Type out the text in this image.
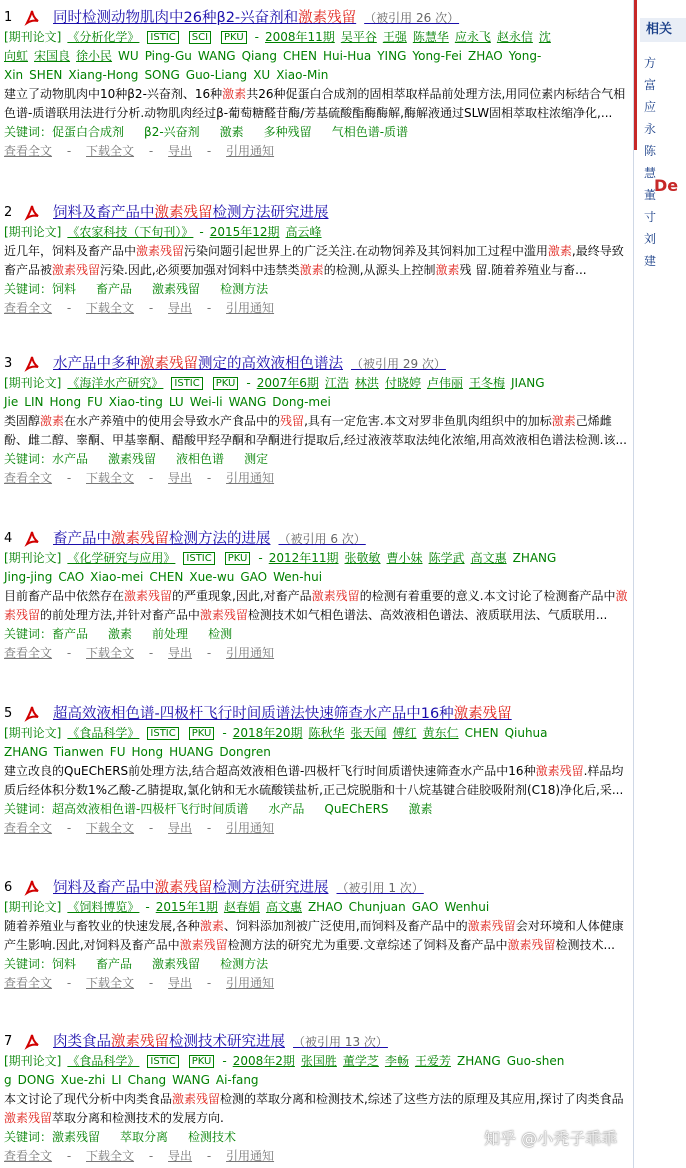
1	同时检测动物肌肉中26种β2-兴奋剂和激素残留 （被引用 26 次）
[期刊论文] 《分析化学》 ISTIC SCI PKU - 2008年11期 吴平谷 王强 陈慧华 应永飞 赵永信 沈
向虹 宋国良 徐小民 WU Ping-Gu WANG Qiang CHEN Hui-Hua YING Yong-Fei ZHAO Yong-
Xin SHEN Xiang-Hong SONG Guo-Liang XU Xiao-Min
建立了动物肌肉中10种β2-兴奋剂、16种激素共26种促蛋白合成剂的固相萃取样品前处理方法,用同位素内标结合气相色谱-质谱联用法进行分析.动物肌肉经过β-葡萄糖醛苷酶/芳基硫酸酯酶酶解,酶解液通过SLW固相萃取柱浓缩净化,...
关键词：促蛋白合成剂 β2-兴奋剂 激素 多种残留 气相色谱-质谱
查看全文 - 下载全文 - 导出 - 引用通知
2	饲料及畜产品中激素残留检测方法研究进展
[期刊论文] 《农家科技（下旬刊）》 - 2015年12期 高云峰
近几年，饲料及畜产品中激素残留污染问题引起世界上的广泛关注.在动物饲养及其饲料加工过程中滥用激素,最终导致畜产品被激素残留污染.因此,必须要加强对饲料中违禁类激素的检测,从源头上控制激素残 留.随着养殖业与畜...
关键词：饲料 畜产品 激素残留 检测方法
查看全文 - 下载全文 - 导出 - 引用通知
3	水产品中多种激素残留测定的高效液相色谱法 （被引用 29 次）
[期刊论文] 《海洋水产研究》 ISTIC PKU - 2007年6期 江浩 林洪 付晓婷 卢伟丽 王冬梅 JIANG
Jie LIN Hong FU Xiao-ting LU Wei-li WANG Dong-mei
类固醇激素在水产养殖中的使用会导致水产食品中的残留,具有一定危害.本文对罗非鱼肌肉组织中的加标激素己烯雌酚、雌二醇、睾酮、甲基睾酮、醋酸甲羟孕酮和孕酮进行提取后,经过液液萃取法纯化浓缩,用高效液相色谱法检测.该...
关键词：水产品 激素残留 液相色谱 测定
查看全文 - 下载全文 - 导出 - 引用通知
4	畜产品中激素残留检测方法的进展 （被引用 6 次）
[期刊论文] 《化学研究与应用》 ISTIC PKU - 2012年11期 张敬敏 曹小妹 陈学武 高文惠 ZHANG
Jing-jing CAO Xiao-mei CHEN Xue-wu GAO Wen-hui
目前畜产品中依然存在激素残留的严重现象,因此,对畜产品激素残留的检测有着重要的意义.本文讨论了检测畜产品中激素残留的前处理方法,并针对畜产品中激素残留检测技术如气相色谱法、高效液相色谱法、液质联用法、气质联用...
关键词：畜产品 激素 前处理 检测
查看全文 - 下载全文 - 导出 - 引用通知
5	超高效液相色谱-四极杆飞行时间质谱法快速筛查水产品中16种激素残留
[期刊论文] 《食品科学》 ISTIC PKU - 2018年20期 陈秋华 张天闻 傅红 黄东仁 CHEN Qiuhua
ZHANG Tianwen FU Hong HUANG Dongren
建立改良的QuEChERS前处理方法,结合超高效液相色谱-四极杆飞行时间质谱快速筛查水产品中16种激素残留.样品均质后经体积分数1%乙酸-乙腈提取,氯化钠和无水硫酸镁盐析,正己烷脱脂和十八烷基键合硅胶吸附剂(C18)净化后,采...
关键词：超高效液相色谱-四极杆飞行时间质谱 水产品 QuEChERS 激素
查看全文 - 下载全文 - 导出 - 引用通知
6	饲料及畜产品中激素残留检测方法研究进展 （被引用 1 次）
[期刊论文] 《饲料博览》 - 2015年1期 赵春娟 高文惠 ZHAO Chunjuan GAO Wenhui
随着养殖业与畜牧业的快速发展,各种激素、饲料添加剂被广泛使用,而饲料及畜产品中的激素残留会对环境和人体健康产生影响.因此,对饲料及畜产品中激素残留检测方法的研究尤为重要.文章综述了饲料及畜产品中激素残留检测技术...
关键词：饲料 畜产品 激素残留 检测方法
查看全文 - 下载全文 - 导出 - 引用通知
7	肉类食品激素残留检测技术研究进展 （被引用 13 次）
[期刊论文] 《食品科学》 ISTIC PKU - 2008年2期 张国胜 董学芝 李畅 王爱芳 ZHANG Guo-shen
g DONG Xue-zhi LI Chang WANG Ai-fang
本文讨论了现代分析中肉类食品激素残留检测的萃取分离和检测技术,综述了这些方法的原理及其应用,探讨了肉类食品激素残留萃取分离和检测技术的发展方向.
关键词：激素残留 萃取分离 检测技术
查看全文 - 下载全文 - 导出 - 引用通知
相关
方富
应永
陈慧
董寸
刘建
De
知乎 @小秃子乖乖
